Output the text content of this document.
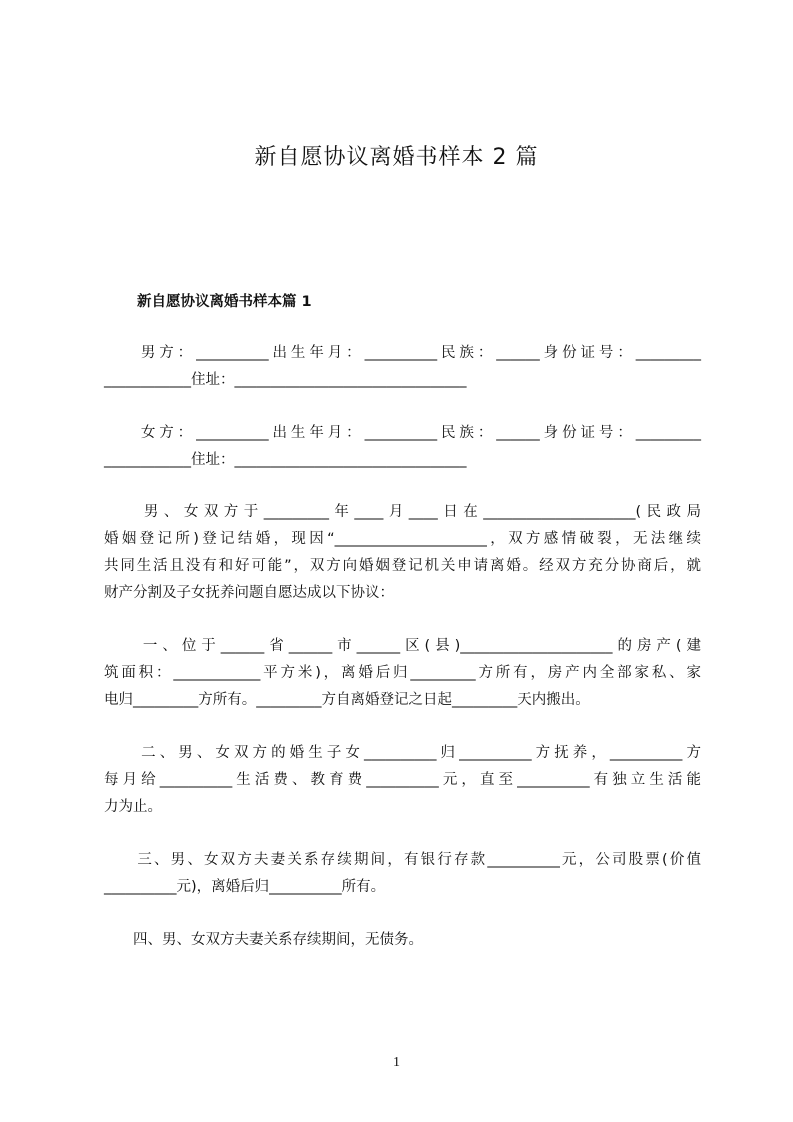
新自愿协议离婚书样本 2 篇
新自愿协议离婚书样本篇 1
　　男方：__________出生年月：__________民族：______身份证号：_________
____________住址：________________________________
　　女方：__________出生年月：__________民族：______身份证号：_________
____________住址：________________________________
　　男、女双方于_________年____月____日在_____________________(民政局
婚姻登记所)登记结婚，现因“_____________________，双方感情破裂，无法继续
共同生活且没有和好可能”，双方向婚姻登记机关申请离婚。经双方充分协商后，就
财产分割及子女抚养问题自愿达成以下协议：
　　一、位于______省______市______区(县)_____________________的房产(建
筑面积：____________平方米)，离婚后归_________方所有，房产内全部家私、家
电归_________方所有。_________方自离婚登记之日起_________天内搬出。
　　二、男、女双方的婚生子女__________归__________方抚养，__________方
每月给__________生活费、教育费__________元，直至__________有独立生活能
力为止。
　　三、男、女双方夫妻关系存续期间，有银行存款__________元，公司股票(价值
__________元)，离婚后归__________所有。
　　四、男、女双方夫妻关系存续期间，无债务。
1
